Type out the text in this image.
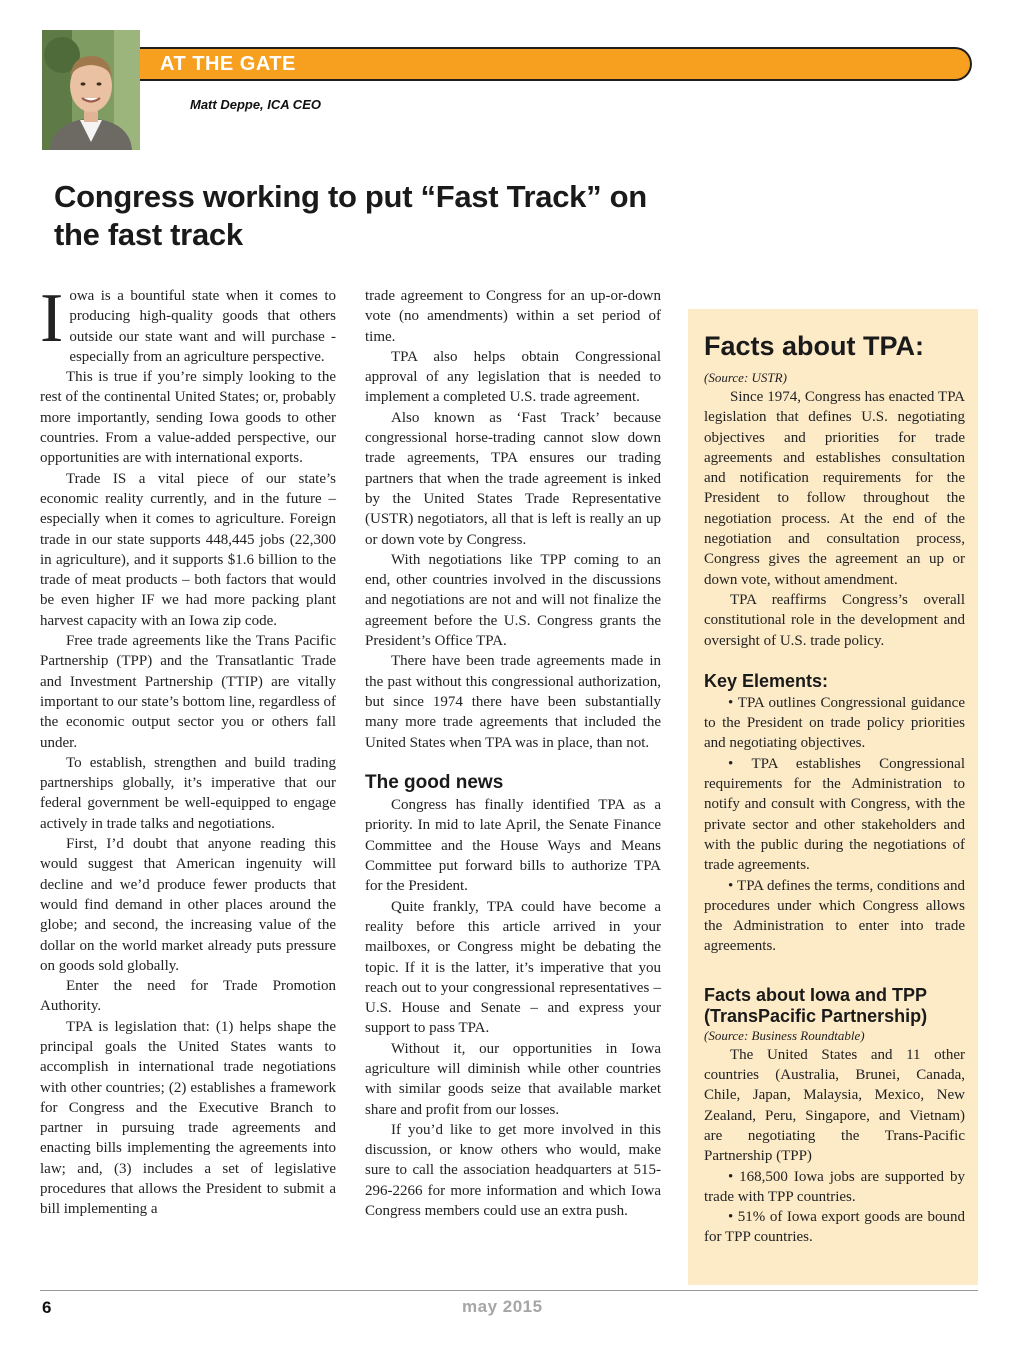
AT THE GATE
Matt Deppe, ICA CEO
Congress working to put “Fast Track” on the fast track

Iowa is a bountiful state when it comes to producing high-quality goods that others outside our state want and will purchase - especially from an agriculture perspective.

This is true if you’re simply looking to the rest of the continental United States; or, probably more importantly, sending Iowa goods to other countries. From a value-added perspective, our opportunities are with international exports.

Trade IS a vital piece of our state’s economic reality currently, and in the future – especially when it comes to agriculture. Foreign trade in our state supports 448,445 jobs (22,300 in agriculture), and it supports $1.6 billion to the trade of meat products – both factors that would be even higher IF we had more packing plant harvest capacity with an Iowa zip code.

Free trade agreements like the Trans Pacific Partnership (TPP) and the Transatlantic Trade and Investment Partnership (TTIP) are vitally important to our state’s bottom line, regardless of the economic output sector you or others fall under.

To establish, strengthen and build trading partnerships globally, it’s imperative that our federal government be well-equipped to engage actively in trade talks and negotiations.

First, I’d doubt that anyone reading this would suggest that American ingenuity will decline and we’d produce fewer products that would find demand in other places around the globe; and second, the increasing value of the dollar on the world market already puts pressure on goods sold globally.

Enter the need for Trade Promotion Authority.

TPA is legislation that: (1) helps shape the principal goals the United States wants to accomplish in international trade negotiations with other countries; (2) establishes a framework for Congress and the Executive Branch to partner in pursuing trade agreements and enacting bills implementing the agreements into law; and, (3) includes a set of legislative procedures that allows the President to submit a bill implementing a

trade agreement to Congress for an up-or-down vote (no amendments) within a set period of time.

TPA also helps obtain Congressional approval of any legislation that is needed to implement a completed U.S. trade agreement.

Also known as ‘Fast Track’ because congressional horse-trading cannot slow down trade agreements, TPA ensures our trading partners that when the trade agreement is inked by the United States Trade Representative (USTR) negotiators, all that is left is really an up or down vote by Congress.

With negotiations like TPP coming to an end, other countries involved in the discussions and negotiations are not and will not finalize the agreement before the U.S. Congress grants the President’s Office TPA.

There have been trade agreements made in the past without this congressional authorization, but since 1974 there have been substantially many more trade agreements that included the United States when TPA was in place, than not.

The good news

Congress has finally identified TPA as a priority. In mid to late April, the Senate Finance Committee and the House Ways and Means Committee put forward bills to authorize TPA for the President.

Quite frankly, TPA could have become a reality before this article arrived in your mailboxes, or Congress might be debating the topic. If it is the latter, it’s imperative that you reach out to your congressional representatives – U.S. House and Senate – and express your support to pass TPA.

Without it, our opportunities in Iowa agriculture will diminish while other countries with similar goods seize that available market share and profit from our losses.

If you’d like to get more involved in this discussion, or know others who would, make sure to call the association headquarters at 515-296-2266 for more information and which Iowa Congress members could use an extra push.

Facts about TPA:
(Source: USTR)

Since 1974, Congress has enacted TPA legislation that defines U.S. negotiating objectives and priorities for trade agreements and establishes consultation and notification requirements for the President to follow throughout the negotiation process. At the end of the negotiation and consultation process, Congress gives the agreement an up or down vote, without amendment.

TPA reaffirms Congress’s overall constitutional role in the development and oversight of U.S. trade policy.

Key Elements:
• TPA outlines Congressional guidance to the President on trade policy priorities and negotiating objectives.
• TPA establishes Congressional requirements for the Administration to notify and consult with Congress, with the private sector and other stakeholders and with the public during the negotiations of trade agreements.
• TPA defines the terms, conditions and procedures under which Congress allows the Administration to enter into trade agreements.
Facts about Iowa and TPP (TransPacific Partnership)
(Source: Business Roundtable)

The United States and 11 other countries (Australia, Brunei, Canada, Chile, Japan, Malaysia, Mexico, New Zealand, Peru, Singapore, and Vietnam) are negotiating the Trans-Pacific Partnership (TPP)

• 168,500 Iowa jobs are supported by trade with TPP countries.
• 51% of Iowa export goods are bound for TPP countries.
6	may 2015
